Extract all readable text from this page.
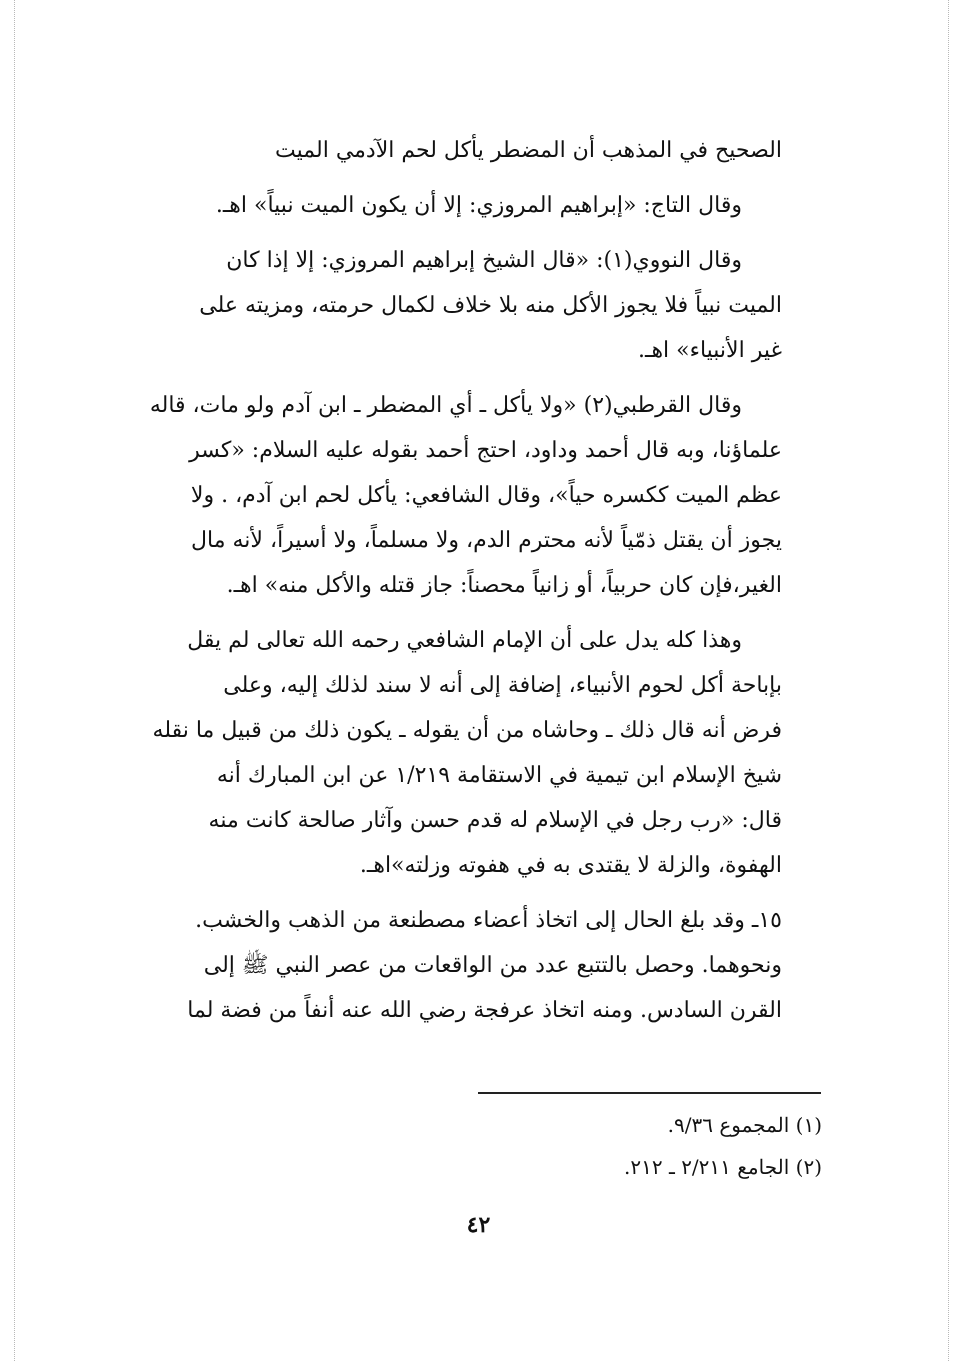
الصحيح في المذهب أن المضطر يأكل لحم الآدمي الميت
وقال التاج: «إبراهيم المروزي: إلا أن يكون الميت نبياً» اهـ.
وقال النووي(١): «قال الشيخ إبراهيم المروزي: إلا إذا كان
الميت نبياً فلا يجوز الأكل منه بلا خلاف لكمال حرمته، ومزيته على
غير الأنبياء» اهـ.
وقال القرطبي(٢) «ولا يأكل ـ أي المضطر ـ ابن آدم ولو مات، قاله
علماؤنا، وبه قال أحمد وداود، احتج أحمد بقوله عليه السلام: «كسر
عظم الميت ككسره حياً»، وقال الشافعي: يأكل لحم ابن آدم، . ولا
يجوز أن يقتل ذمّياً لأنه محترم الدم، ولا مسلماً، ولا أسيراً، لأنه مال
الغير،فإن كان حربياً، أو زانياً محصناً: جاز قتله والأكل منه» اهـ.
وهذا كله يدل على أن الإمام الشافعي رحمه الله تعالى لم يقل
بإباحة أكل لحوم الأنبياء، إضافة إلى أنه لا سند لذلك إليه، وعلى
فرض أنه قال ذلك ـ وحاشاه من أن يقوله ـ يكون ذلك من قبيل ما نقله
شيخ الإسلام ابن تيمية في الاستقامة ١/٢١٩ عن ابن المبارك أنه
قال: «رب رجل في الإسلام له قدم حسن وآثار صالحة كانت منه
الهفوة، والزلة لا يقتدى به في هفوته وزلته»اهـ.
١٥ـ وقد بلغ الحال إلى اتخاذ أعضاء مصطنعة من الذهب والخشب.
ونحوهما. وحصل بالتتبع عدد من الواقعات من عصر النبي ﷺ إلى
القرن السادس. ومنه اتخاذ عرفجة رضي الله عنه أنفاً من فضة لما
(١) المجموع ٩/٣٦.
(٢) الجامع ٢/٢١١ ـ ٢١٢.
٤٢
